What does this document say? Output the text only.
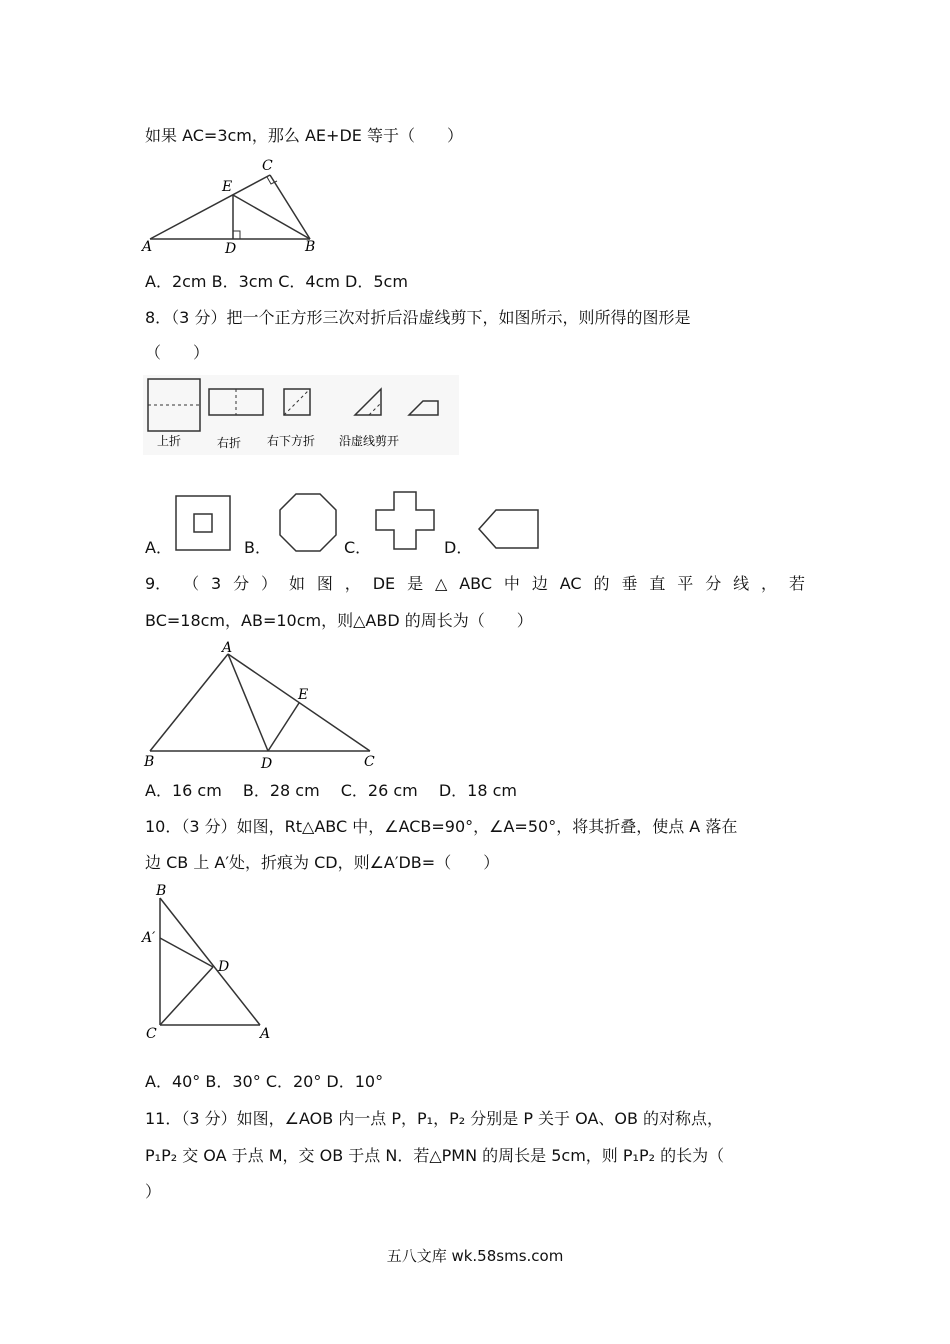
如果 AC=3cm，那么 AE+DE 等于（　　）
A	B
C
D
E
A．2cm B．3cm C．4cm D．5cm
8．（3 分）把一个正方形三次对折后沿虚线剪下，如图所示，则所得的图形是
（　　）
上折	右折 右下方折 沿虚线剪开
A．	B．	C．	D．
9． （ 3 分 ） 如 图 ， DE 是 △ ABC 中 边 AC 的 垂 直 平 分 线 ， 若
BC=18cm，AB=10cm，则△ABD 的周长为（　　）
A
B	C
D
E
A．16 cm　 B．28 cm　 C．26 cm　 D．18 cm
10．（3 分）如图，Rt△ABC 中，∠ACB=90°，∠A=50°，将其折叠，使点 A 落在
边 CB 上 A′处，折痕为 CD，则∠A′DB=（　　）
B
A′
D
C	A
A．40° B．30° C．20° D．10°
11．（3 分）如图，∠AOB 内一点 P，P₁，P₂ 分别是 P 关于 OA、OB 的对称点，
P₁P₂ 交 OA 于点 M，交 OB 于点 N．若△PMN 的周长是 5cm，则 P₁P₂ 的长为（
）
五八文库 wk.58sms.com
